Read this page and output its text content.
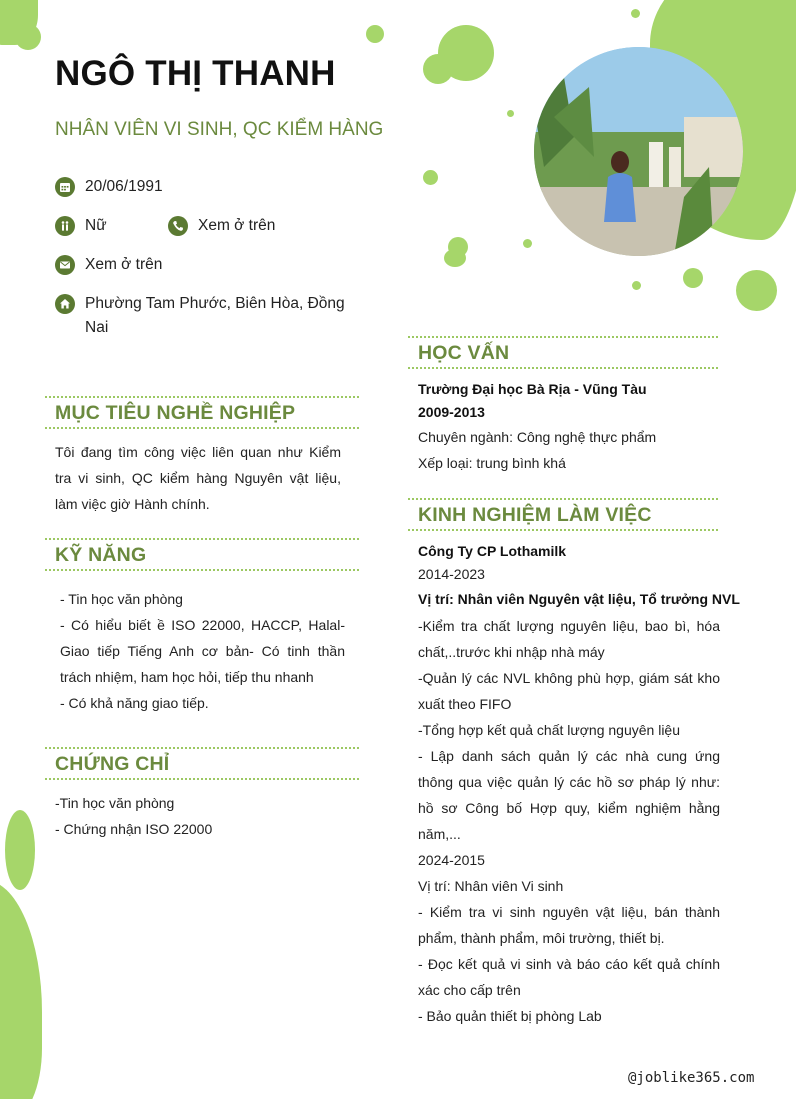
NGÔ THỊ THANH
NHÂN VIÊN VI SINH, QC KIỂM HÀNG
20/06/1991
Nữ	Xem ở trên
Xem ở trên
Phường Tam Phước, Biên Hòa, Đồng Nai
MỤC TIÊU NGHỀ NGHIỆP
Tôi đang tìm công việc liên quan như Kiểm tra vi sinh, QC kiểm hàng Nguyên vật liệu, làm việc giờ Hành chính.
KỸ NĂNG
- Tin học văn phòng
- Có hiểu biết ề ISO 22000, HACCP, Halal- Giao tiếp Tiếng Anh cơ bản- Có tinh thần trách nhiệm, ham học hỏi, tiếp thu nhanh
- Có khả năng giao tiếp.
CHỨNG CHỈ
-Tin học văn phòng
- Chứng nhận ISO 22000
HỌC VẤN
Trường Đại học Bà Rịa - Vũng Tàu
2009-2013
Chuyên ngành: Công nghệ thực phẩm
Xếp loại: trung bình khá
KINH NGHIỆM LÀM VIỆC
Công Ty CP Lothamilk
2014-2023
Vị trí: Nhân viên Nguyên vật liệu, Tổ trưởng NVL
-Kiểm tra chất lượng nguyên liệu, bao bì, hóa chất,..trước khi nhập nhà máy
-Quản lý các NVL không phù hợp, giám sát kho xuất theo FIFO
-Tổng hợp kết quả chất lượng nguyên liệu
- Lập danh sách quản lý các nhà cung ứng thông qua việc quản lý các hồ sơ pháp lý như: hồ sơ Công bố Hợp quy, kiểm nghiệm hằng năm,...
2024-2015
Vị trí: Nhân viên Vi sinh
- Kiểm tra vi sinh nguyên vật liệu, bán thành phẩm, thành phẩm, môi trường, thiết bị.
- Đọc kết quả vi sinh và báo cáo kết quả chính xác cho cấp trên
- Bảo quản thiết bị phòng Lab
@joblike365.com
